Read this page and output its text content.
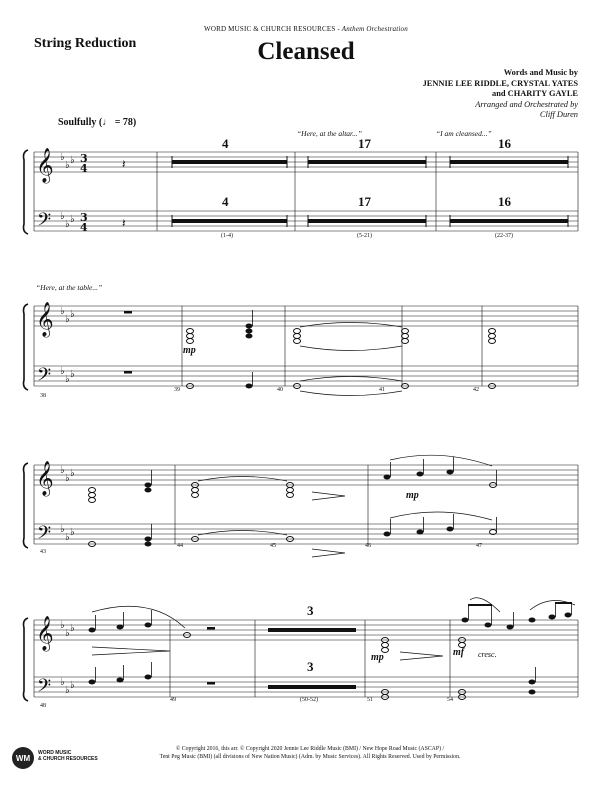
WORD MUSIC & CHURCH RESOURCES - Anthem Orchestration
String Reduction	Cleansed
Words and Music by
JENNIE LEE RIDDLE, CRYSTAL YATES
and CHARITY GAYLE
Arranged and Orchestrated by
Cliff Duren
Soulfully (♩ = 78)
𝄞
𝄢
♭
♭ ♭
♭
♭ ♭
3
4
3
4
𝄽
𝄽
𝄞
𝄢
♭
♭ ♭
♭
♭ ♭
𝄞
𝄢
♭
♭ ♭
♭
♭ ♭
𝄞
𝄢
♭
♭ ♭
♭
♭ ♭
“Here, at the altar...”	“I am cleansed...”
4	17	16
4	17	16
(1-4)	(5-21)	(22-37)
“Here, at the table...”
38
39	40	41	42
mp
43
44	45	46	47
mp
48
49	51	54
3
3
(50-52)
mp	mf cresc.
© Copyright 2016, this arr. © Copyright 2020 Jennie Lee Riddle Music (BMI) / New Hope Road Music (ASCAP) /
Tent Peg Music (BMI) (all divisions of New Nation Music) (Adm. by Music Services). All Rights Reserved. Used by Permission.
WM
WORD MUSIC
& CHURCH RESOURCES
